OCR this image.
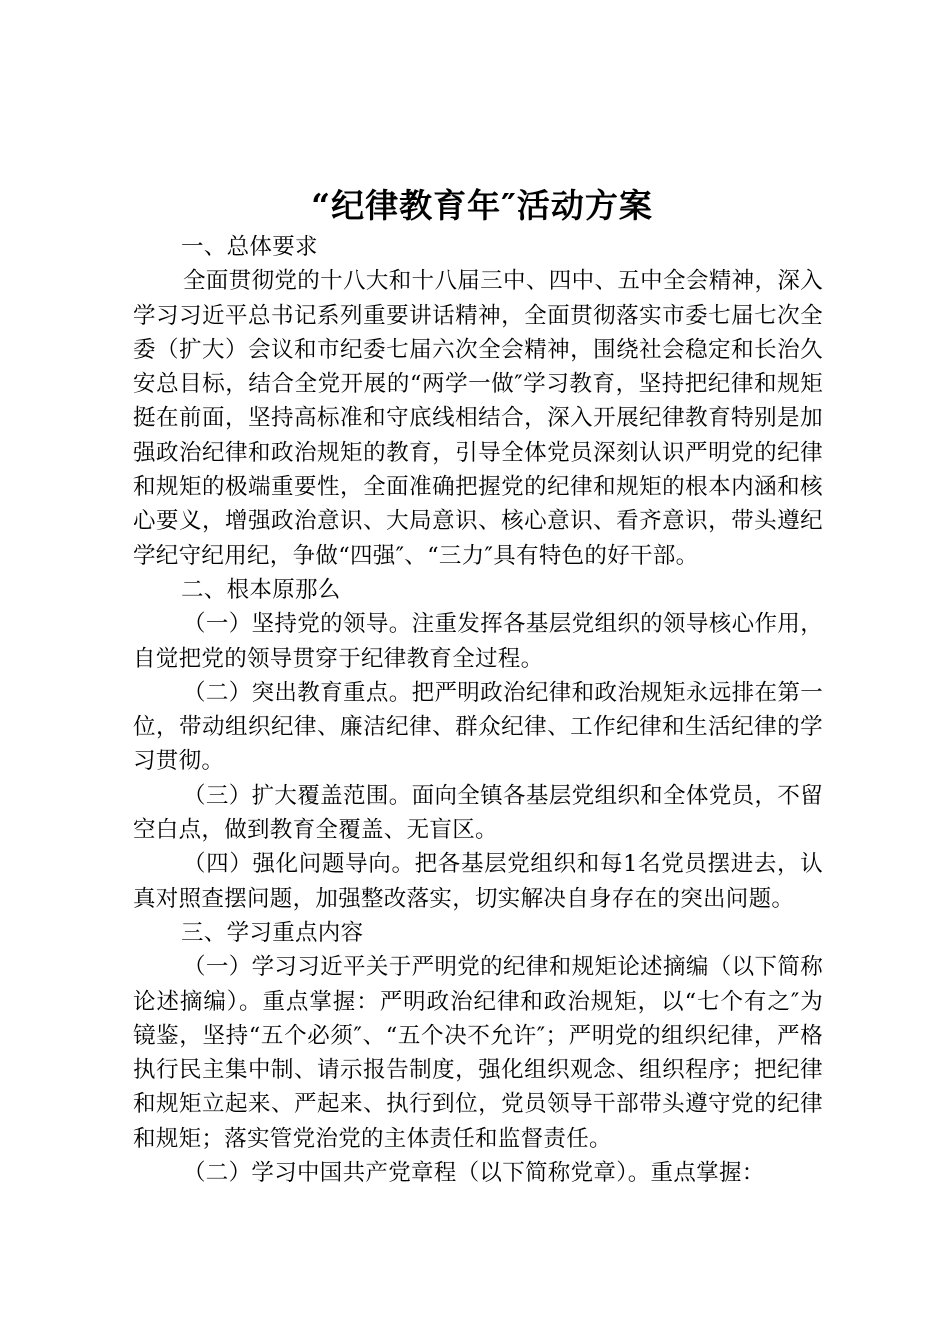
“纪律教育年″活动方案

一、总体要求

全面贯彻党的十八大和十八届三中、四中、五中全会精神，深入学习习近平总书记系列重要讲话精神，全面贯彻落实市委七届七次全委（扩大）会议和市纪委七届六次全会精神，围绕社会稳定和长治久安总目标，结合全党开展的“两学一做″学习教育，坚持把纪律和规矩挺在前面，坚持高标准和守底线相结合，深入开展纪律教育特别是加强政治纪律和政治规矩的教育，引导全体党员深刻认识严明党的纪律和规矩的极端重要性，全面准确把握党的纪律和规矩的根本内涵和核心要义，增强政治意识、大局意识、核心意识、看齐意识，带头遵纪学纪守纪用纪，争做“四强″、“三力″具有特色的好干部。

二、根本原那么

（一）坚持党的领导。注重发挥各基层党组织的领导核心作用，自觉把党的领导贯穿于纪律教育全过程。

（二）突出教育重点。把严明政治纪律和政治规矩永远排在第一位，带动组织纪律、廉洁纪律、群众纪律、工作纪律和生活纪律的学习贯彻。

（三）扩大覆盖范围。面向全镇各基层党组织和全体党员，不留空白点，做到教育全覆盖、无盲区。

（四）强化问题导向。把各基层党组织和每1名党员摆进去，认真对照查摆问题，加强整改落实，切实解决自身存在的突出问题。

三、学习重点内容

（一）学习习近平关于严明党的纪律和规矩论述摘编（以下简称论述摘编）。重点掌握：严明政治纪律和政治规矩，以“七个有之″为镜鉴，坚持“五个必须″、“五个决不允许″；严明党的组织纪律，严格执行民主集中制、请示报告制度，强化组织观念、组织程序；把纪律和规矩立起来、严起来、执行到位，党员领导干部带头遵守党的纪律和规矩；落实管党治党的主体责任和监督责任。

（二）学习中国共产党章程（以下简称党章）。重点掌握：
